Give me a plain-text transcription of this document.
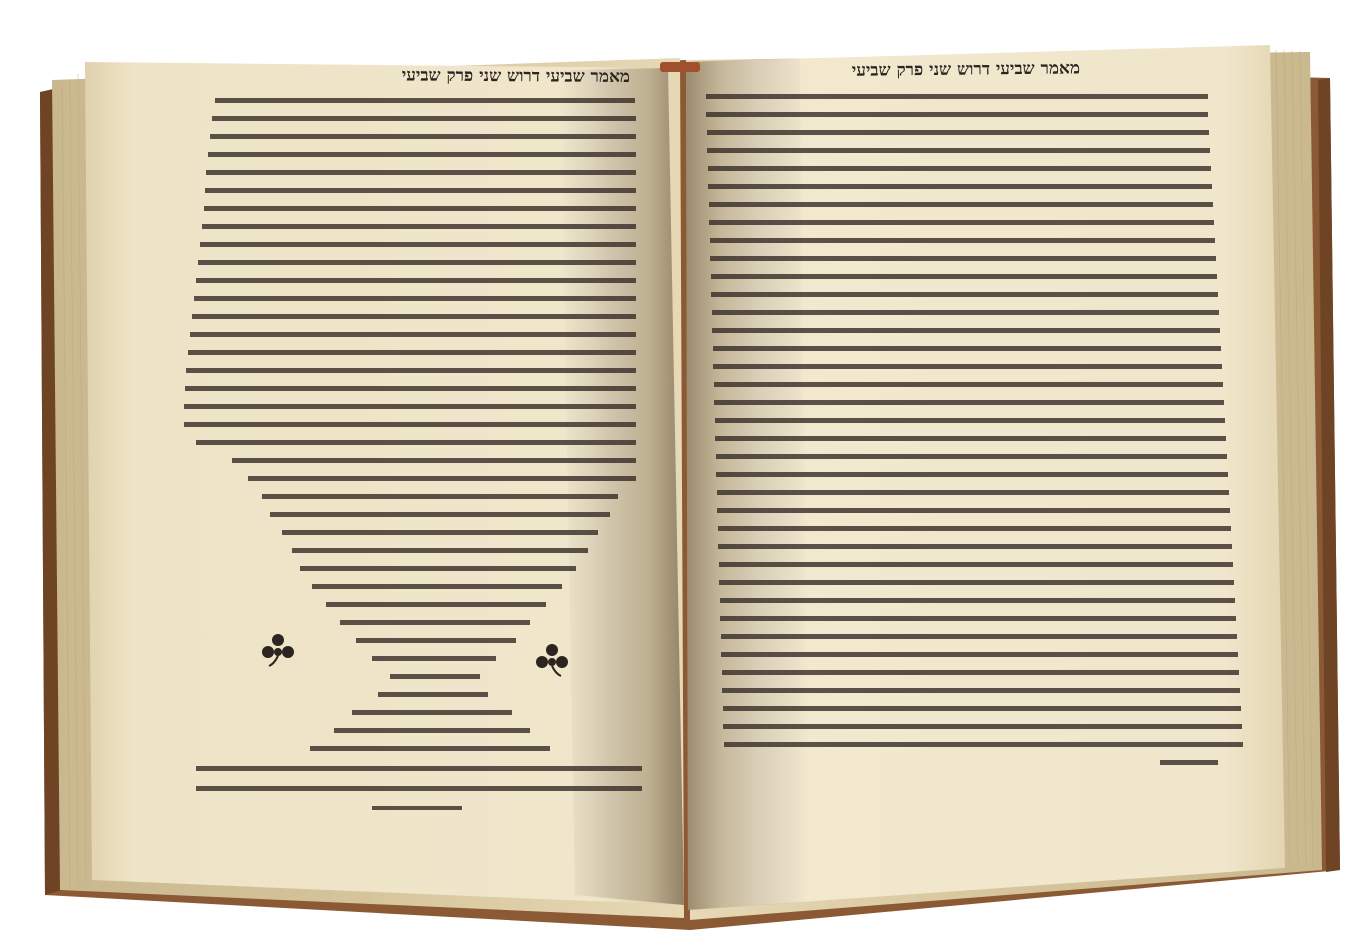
מאמר שביעי דרוש שני פרק שביעי	מאמר שביעי דרוש שני פרק שביעי
